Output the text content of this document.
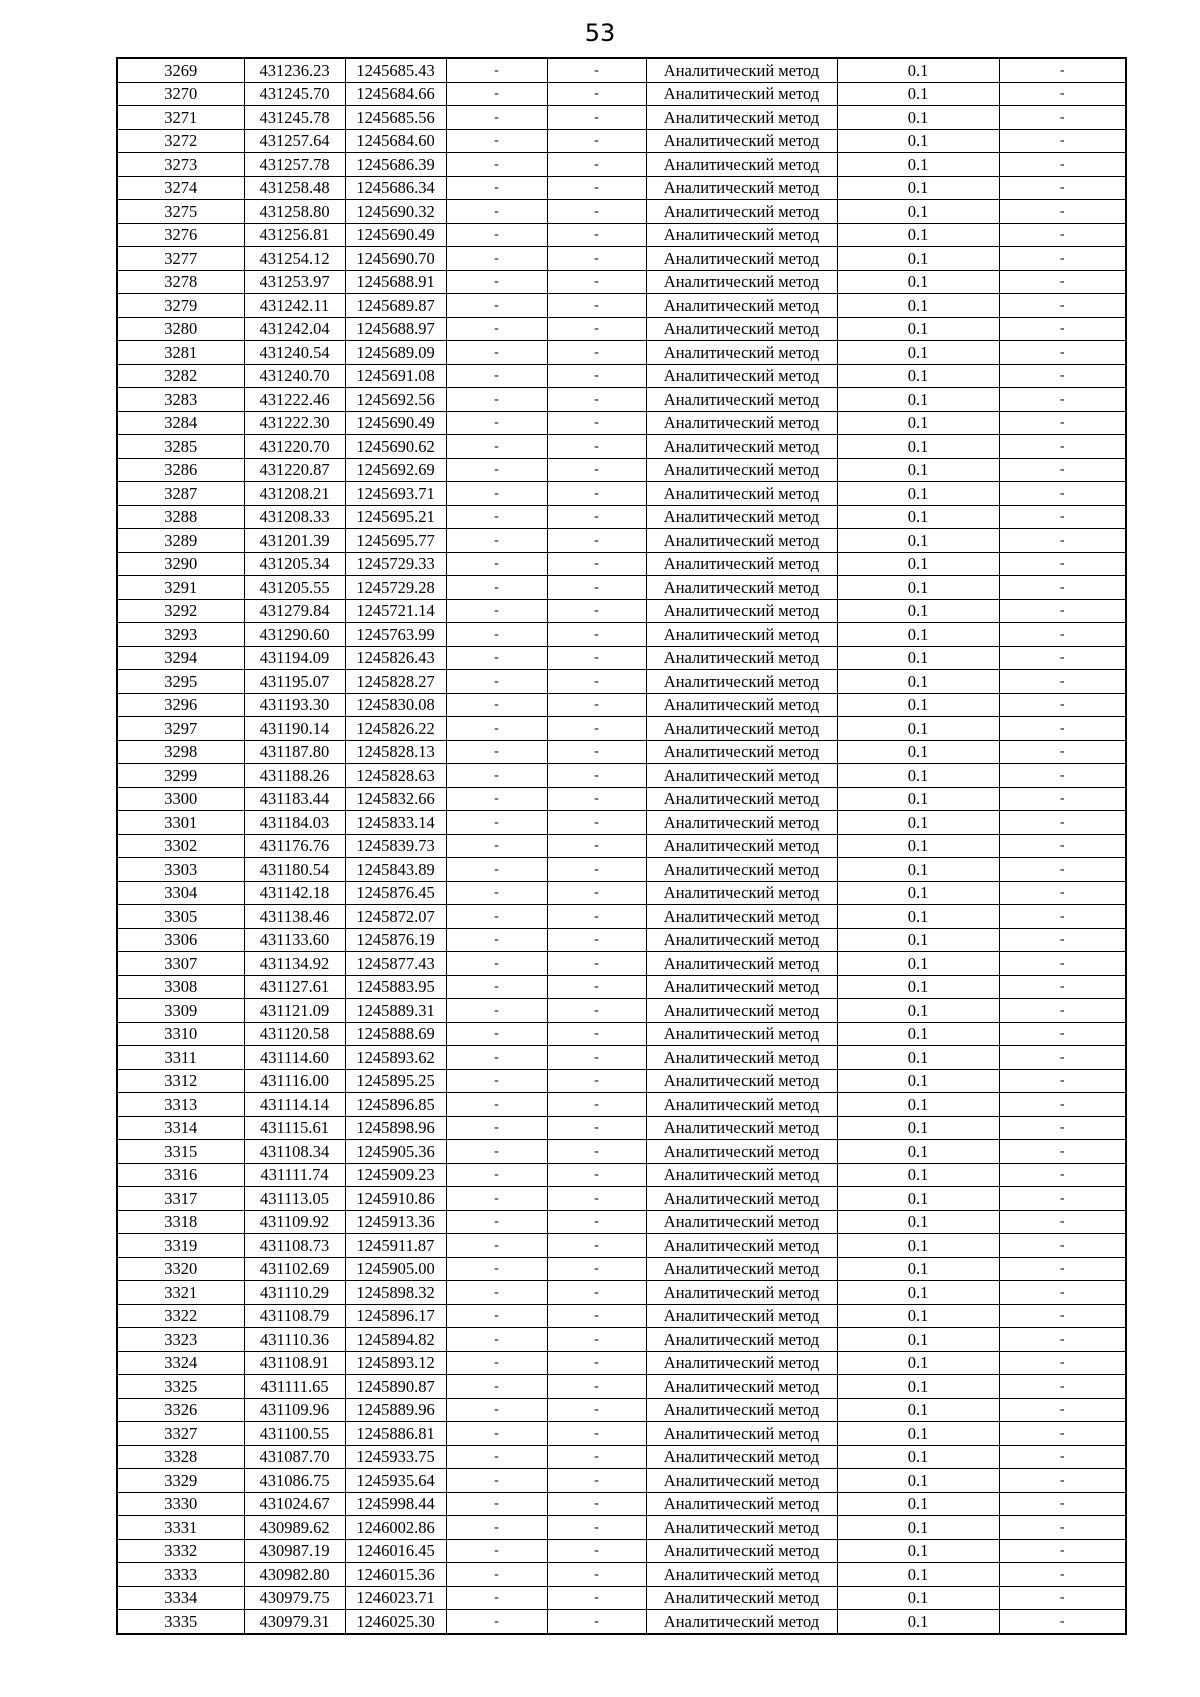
53
3269	431236.23	1245685.43	-	-	Аналитический метод	0.1	-
3270	431245.70	1245684.66	-	-	Аналитический метод	0.1	-
3271	431245.78	1245685.56	-	-	Аналитический метод	0.1	-
3272	431257.64	1245684.60	-	-	Аналитический метод	0.1	-
3273	431257.78	1245686.39	-	-	Аналитический метод	0.1	-
3274	431258.48	1245686.34	-	-	Аналитический метод	0.1	-
3275	431258.80	1245690.32	-	-	Аналитический метод	0.1	-
3276	431256.81	1245690.49	-	-	Аналитический метод	0.1	-
3277	431254.12	1245690.70	-	-	Аналитический метод	0.1	-
3278	431253.97	1245688.91	-	-	Аналитический метод	0.1	-
3279	431242.11	1245689.87	-	-	Аналитический метод	0.1	-
3280	431242.04	1245688.97	-	-	Аналитический метод	0.1	-
3281	431240.54	1245689.09	-	-	Аналитический метод	0.1	-
3282	431240.70	1245691.08	-	-	Аналитический метод	0.1	-
3283	431222.46	1245692.56	-	-	Аналитический метод	0.1	-
3284	431222.30	1245690.49	-	-	Аналитический метод	0.1	-
3285	431220.70	1245690.62	-	-	Аналитический метод	0.1	-
3286	431220.87	1245692.69	-	-	Аналитический метод	0.1	-
3287	431208.21	1245693.71	-	-	Аналитический метод	0.1	-
3288	431208.33	1245695.21	-	-	Аналитический метод	0.1	-
3289	431201.39	1245695.77	-	-	Аналитический метод	0.1	-
3290	431205.34	1245729.33	-	-	Аналитический метод	0.1	-
3291	431205.55	1245729.28	-	-	Аналитический метод	0.1	-
3292	431279.84	1245721.14	-	-	Аналитический метод	0.1	-
3293	431290.60	1245763.99	-	-	Аналитический метод	0.1	-
3294	431194.09	1245826.43	-	-	Аналитический метод	0.1	-
3295	431195.07	1245828.27	-	-	Аналитический метод	0.1	-
3296	431193.30	1245830.08	-	-	Аналитический метод	0.1	-
3297	431190.14	1245826.22	-	-	Аналитический метод	0.1	-
3298	431187.80	1245828.13	-	-	Аналитический метод	0.1	-
3299	431188.26	1245828.63	-	-	Аналитический метод	0.1	-
3300	431183.44	1245832.66	-	-	Аналитический метод	0.1	-
3301	431184.03	1245833.14	-	-	Аналитический метод	0.1	-
3302	431176.76	1245839.73	-	-	Аналитический метод	0.1	-
3303	431180.54	1245843.89	-	-	Аналитический метод	0.1	-
3304	431142.18	1245876.45	-	-	Аналитический метод	0.1	-
3305	431138.46	1245872.07	-	-	Аналитический метод	0.1	-
3306	431133.60	1245876.19	-	-	Аналитический метод	0.1	-
3307	431134.92	1245877.43	-	-	Аналитический метод	0.1	-
3308	431127.61	1245883.95	-	-	Аналитический метод	0.1	-
3309	431121.09	1245889.31	-	-	Аналитический метод	0.1	-
3310	431120.58	1245888.69	-	-	Аналитический метод	0.1	-
3311	431114.60	1245893.62	-	-	Аналитический метод	0.1	-
3312	431116.00	1245895.25	-	-	Аналитический метод	0.1	-
3313	431114.14	1245896.85	-	-	Аналитический метод	0.1	-
3314	431115.61	1245898.96	-	-	Аналитический метод	0.1	-
3315	431108.34	1245905.36	-	-	Аналитический метод	0.1	-
3316	431111.74	1245909.23	-	-	Аналитический метод	0.1	-
3317	431113.05	1245910.86	-	-	Аналитический метод	0.1	-
3318	431109.92	1245913.36	-	-	Аналитический метод	0.1	-
3319	431108.73	1245911.87	-	-	Аналитический метод	0.1	-
3320	431102.69	1245905.00	-	-	Аналитический метод	0.1	-
3321	431110.29	1245898.32	-	-	Аналитический метод	0.1	-
3322	431108.79	1245896.17	-	-	Аналитический метод	0.1	-
3323	431110.36	1245894.82	-	-	Аналитический метод	0.1	-
3324	431108.91	1245893.12	-	-	Аналитический метод	0.1	-
3325	431111.65	1245890.87	-	-	Аналитический метод	0.1	-
3326	431109.96	1245889.96	-	-	Аналитический метод	0.1	-
3327	431100.55	1245886.81	-	-	Аналитический метод	0.1	-
3328	431087.70	1245933.75	-	-	Аналитический метод	0.1	-
3329	431086.75	1245935.64	-	-	Аналитический метод	0.1	-
3330	431024.67	1245998.44	-	-	Аналитический метод	0.1	-
3331	430989.62	1246002.86	-	-	Аналитический метод	0.1	-
3332	430987.19	1246016.45	-	-	Аналитический метод	0.1	-
3333	430982.80	1246015.36	-	-	Аналитический метод	0.1	-
3334	430979.75	1246023.71	-	-	Аналитический метод	0.1	-
3335	430979.31	1246025.30	-	-	Аналитический метод	0.1	-
